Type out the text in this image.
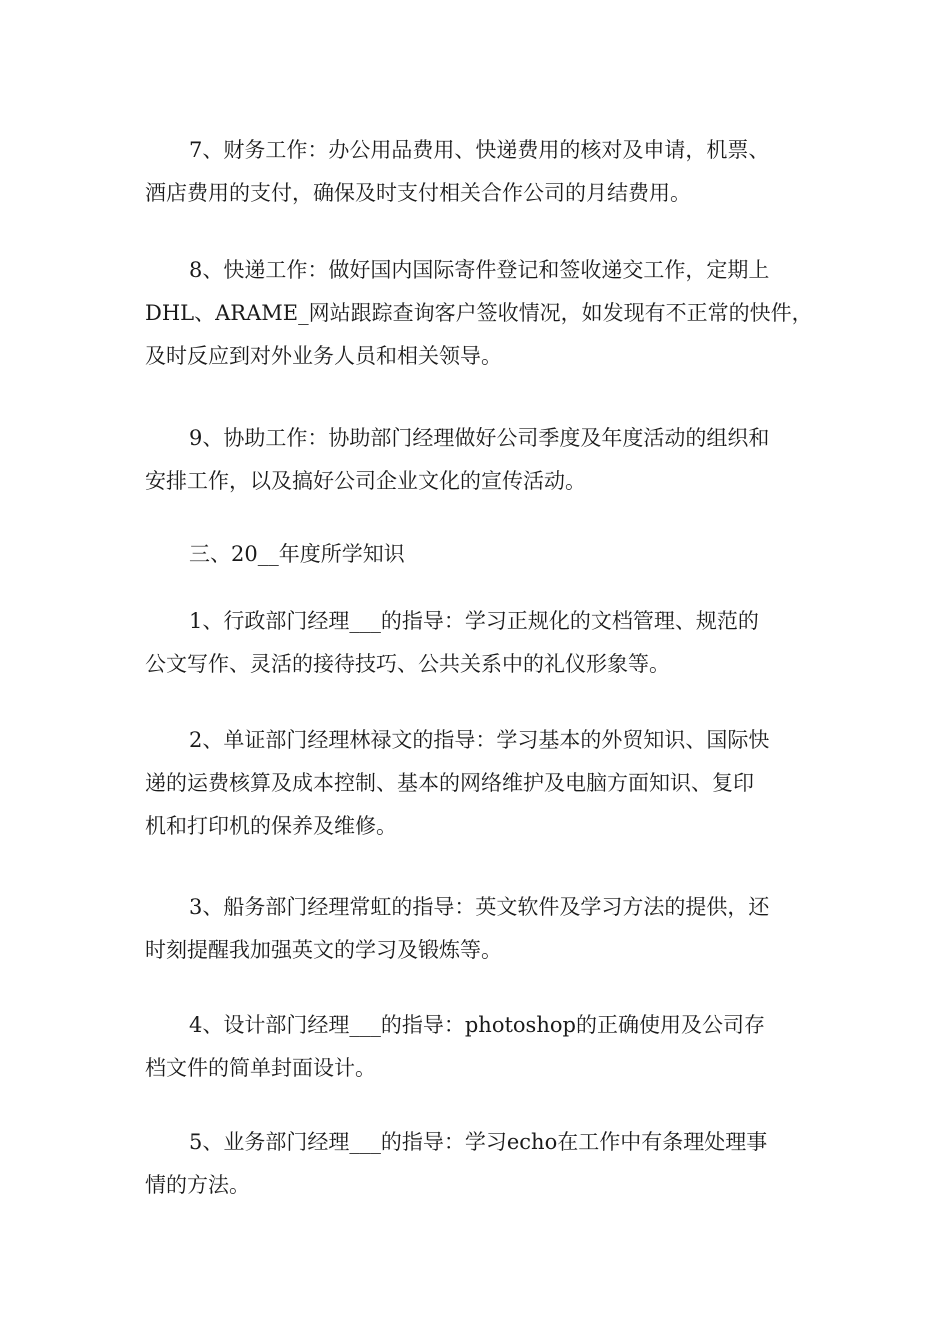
7、财务工作：办公用品费用、快递费用的核对及申请，机票、
酒店费用的支付，确保及时支付相关合作公司的月结费用。
8、快递工作：做好国内国际寄件登记和签收递交工作，定期上
DHL、ARAME_网站跟踪查询客户签收情况，如发现有不正常的快件，
及时反应到对外业务人员和相关领导。
9、协助工作：协助部门经理做好公司季度及年度活动的组织和
安排工作，以及搞好公司企业文化的宣传活动。
三、20__年度所学知识
1、行政部门经理___的指导：学习正规化的文档管理、规范的
公文写作、灵活的接待技巧、公共关系中的礼仪形象等。
2、单证部门经理林禄文的指导：学习基本的外贸知识、国际快
递的运费核算及成本控制、基本的网络维护及电脑方面知识、复印
机和打印机的保养及维修。
3、船务部门经理常虹的指导：英文软件及学习方法的提供，还
时刻提醒我加强英文的学习及锻炼等。
4、设计部门经理___的指导：photoshop的正确使用及公司存
档文件的简单封面设计。
5、业务部门经理___的指导：学习echo在工作中有条理处理事
情的方法。
